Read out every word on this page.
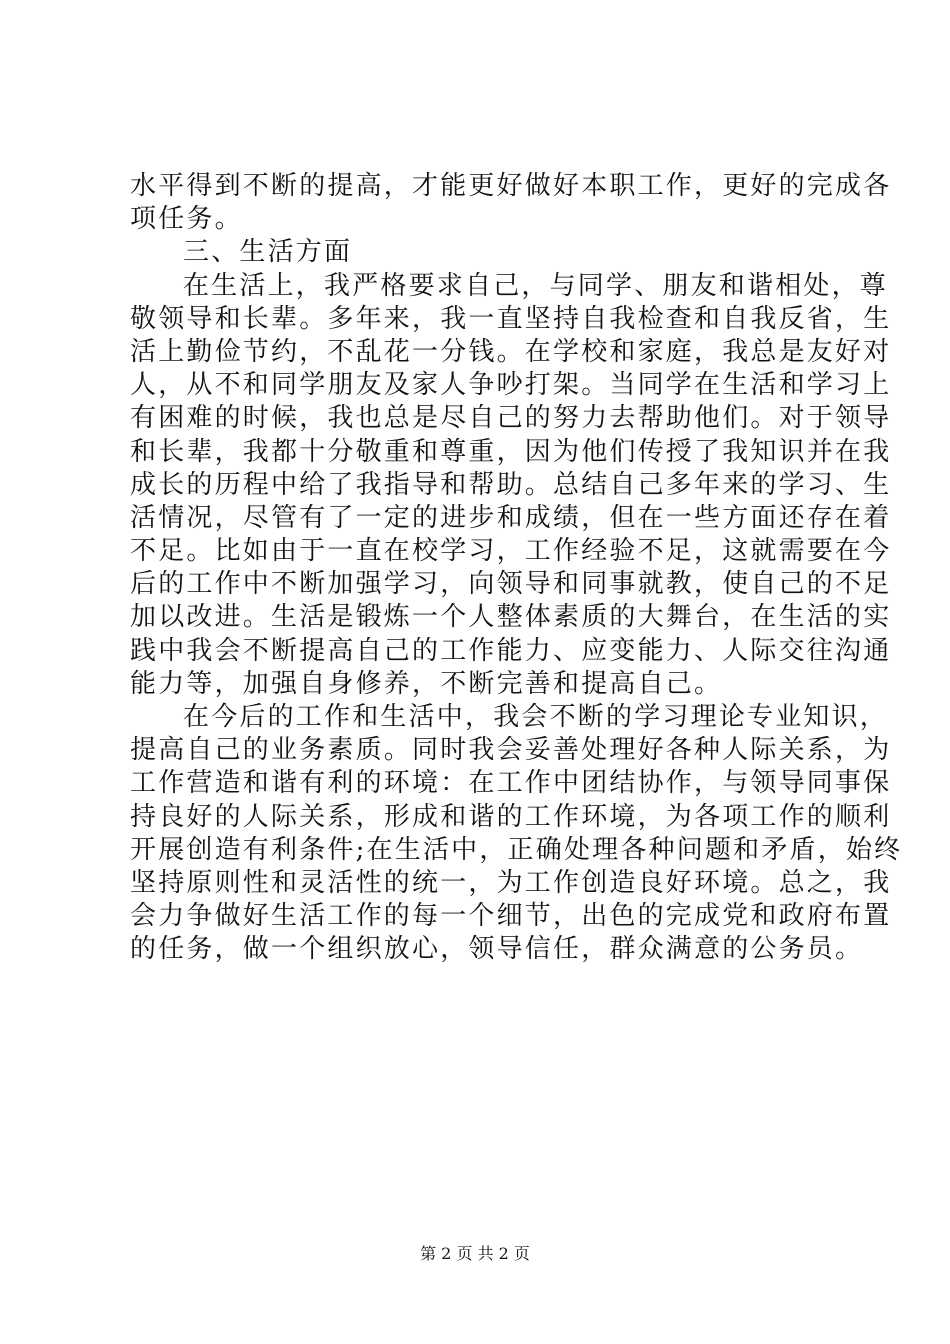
水平得到不断的提高，才能更好做好本职工作，更好的完成各
项任务。
三、生活方面
在生活上，我严格要求自己，与同学、朋友和谐相处，尊
敬领导和长辈。多年来，我一直坚持自我检查和自我反省，生
活上勤俭节约，不乱花一分钱。在学校和家庭，我总是友好对
人，从不和同学朋友及家人争吵打架。当同学在生活和学习上
有困难的时候，我也总是尽自己的努力去帮助他们。对于领导
和长辈，我都十分敬重和尊重，因为他们传授了我知识并在我
成长的历程中给了我指导和帮助。总结自己多年来的学习、生
活情况，尽管有了一定的进步和成绩，但在一些方面还存在着
不足。比如由于一直在校学习，工作经验不足，这就需要在今
后的工作中不断加强学习，向领导和同事就教，使自己的不足
加以改进。生活是锻炼一个人整体素质的大舞台，在生活的实
践中我会不断提高自己的工作能力、应变能力、人际交往沟通
能力等，加强自身修养，不断完善和提高自己。
在今后的工作和生活中，我会不断的学习理论专业知识，
提高自己的业务素质。同时我会妥善处理好各种人际关系，为
工作营造和谐有利的环境：在工作中团结协作，与领导同事保
持良好的人际关系，形成和谐的工作环境，为各项工作的顺利
开展创造有利条件;在生活中，正确处理各种问题和矛盾，始终
坚持原则性和灵活性的统一，为工作创造良好环境。总之，我
会力争做好生活工作的每一个细节，出色的完成党和政府布置
的任务，做一个组织放心，领导信任，群众满意的公务员。
第 2 页 共 2 页
